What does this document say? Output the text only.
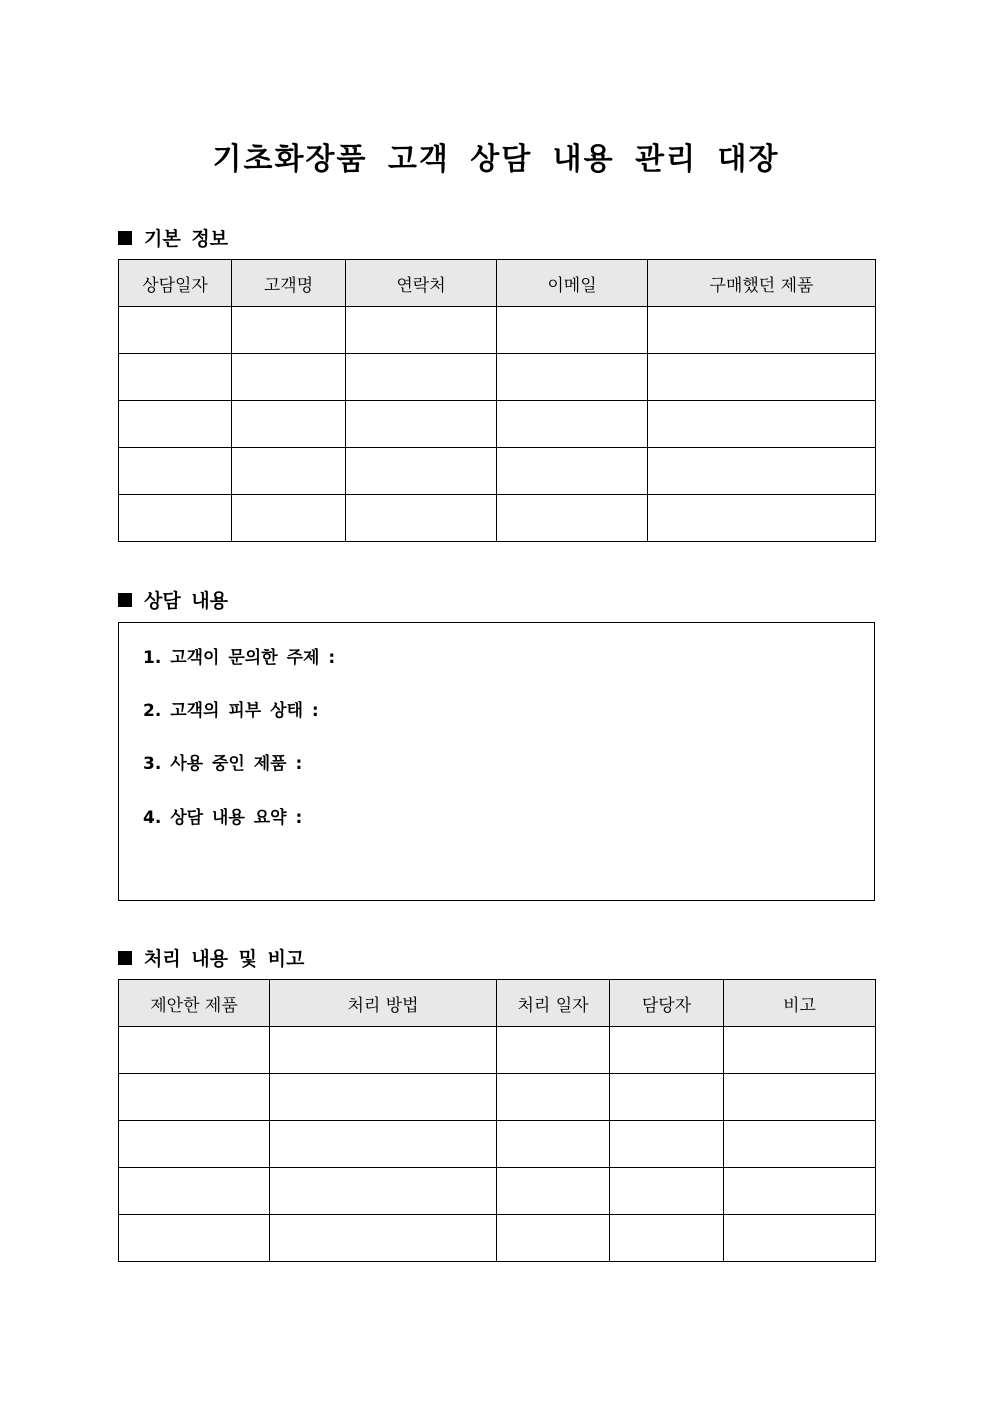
기초화장품 고객 상담 내용 관리 대장
기본 정보
상담일자	고객명	연락처	이메일	구매했던 제품

상담 내용
1. 고객이 문의한 주제 :
2. 고객의 피부 상태 :
3. 사용 중인 제품 :
4. 상담 내용 요약 :
처리 내용 및 비고
제안한 제품	처리 방법	처리 일자	담당자	비고
